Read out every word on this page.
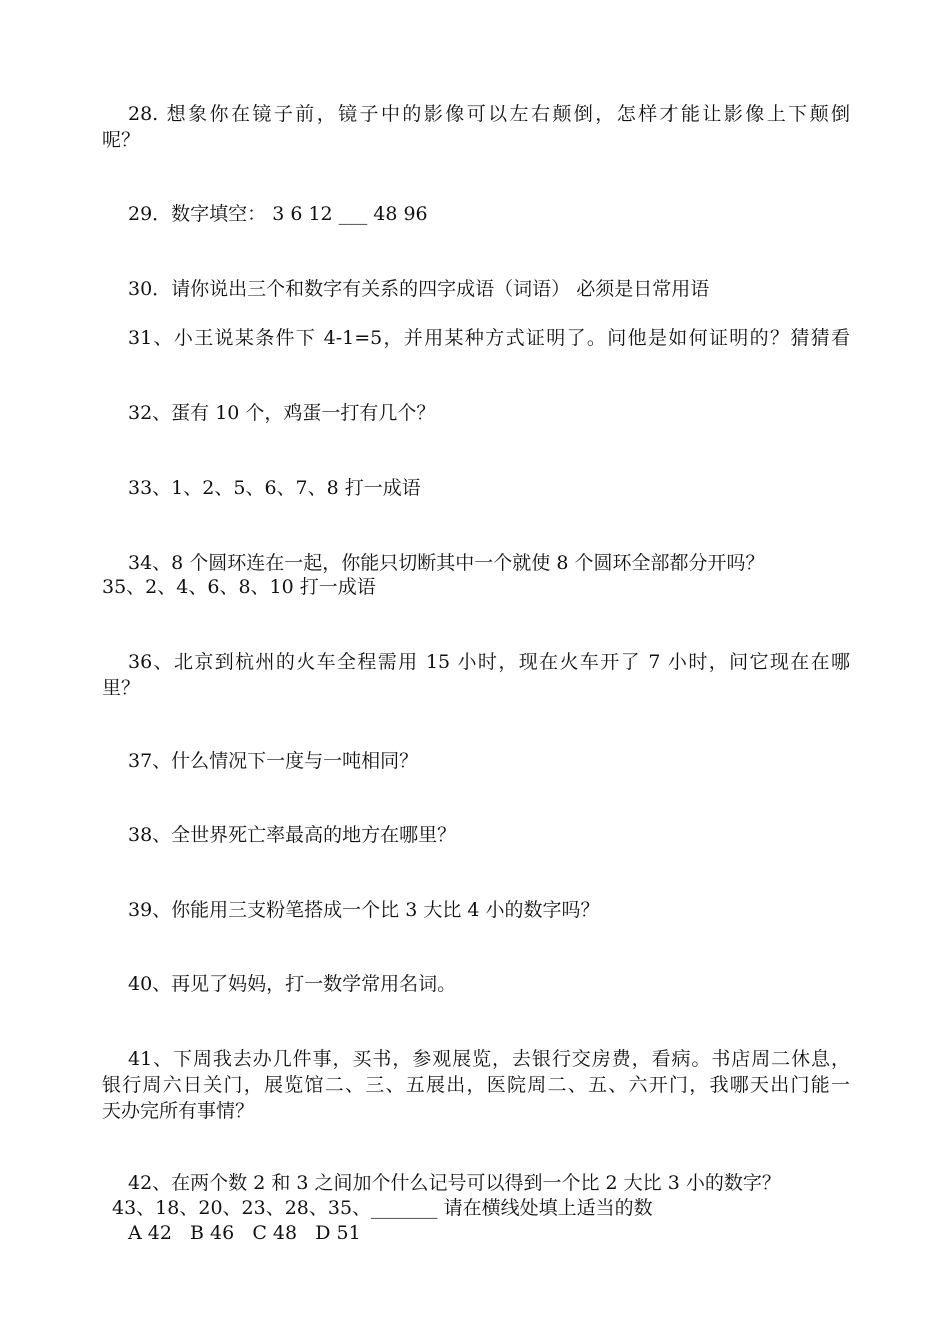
28. 想象你在镜子前，镜子中的影像可以左右颠倒，怎样才能让影像上下颠倒
呢？
29．数字填空： 3 6 12 ___ 48 96
30．请你说出三个和数字有关系的四字成语（词语） 必须是日常用语
31、小王说某条件下 4-1=5，并用某种方式证明了。问他是如何证明的？猜猜看
32、蛋有 10 个，鸡蛋一打有几个？
33、1、2、5、6、7、8 打一成语
34、8 个圆环连在一起，你能只切断其中一个就使 8 个圆环全部都分开吗？
35、2、4、6、8、10 打一成语
36、北京到杭州的火车全程需用 15 小时，现在火车开了 7 小时，问它现在在哪
里？
37、什么情况下一度与一吨相同？
38、全世界死亡率最高的地方在哪里？
39、你能用三支粉笔搭成一个比 3 大比 4 小的数字吗？
40、再见了妈妈，打一数学常用名词。
41、下周我去办几件事，买书，参观展览，去银行交房费，看病。书店周二休息，
银行周六日关门，展览馆二、三、五展出，医院周二、五、六开门，我哪天出门能一
天办完所有事情？
42、在两个数 2 和 3 之间加个什么记号可以得到一个比 2 大比 3 小的数字？
43、18、20、23、28、35、_______ 请在横线处填上适当的数
A 42   B 46   C 48   D 51
